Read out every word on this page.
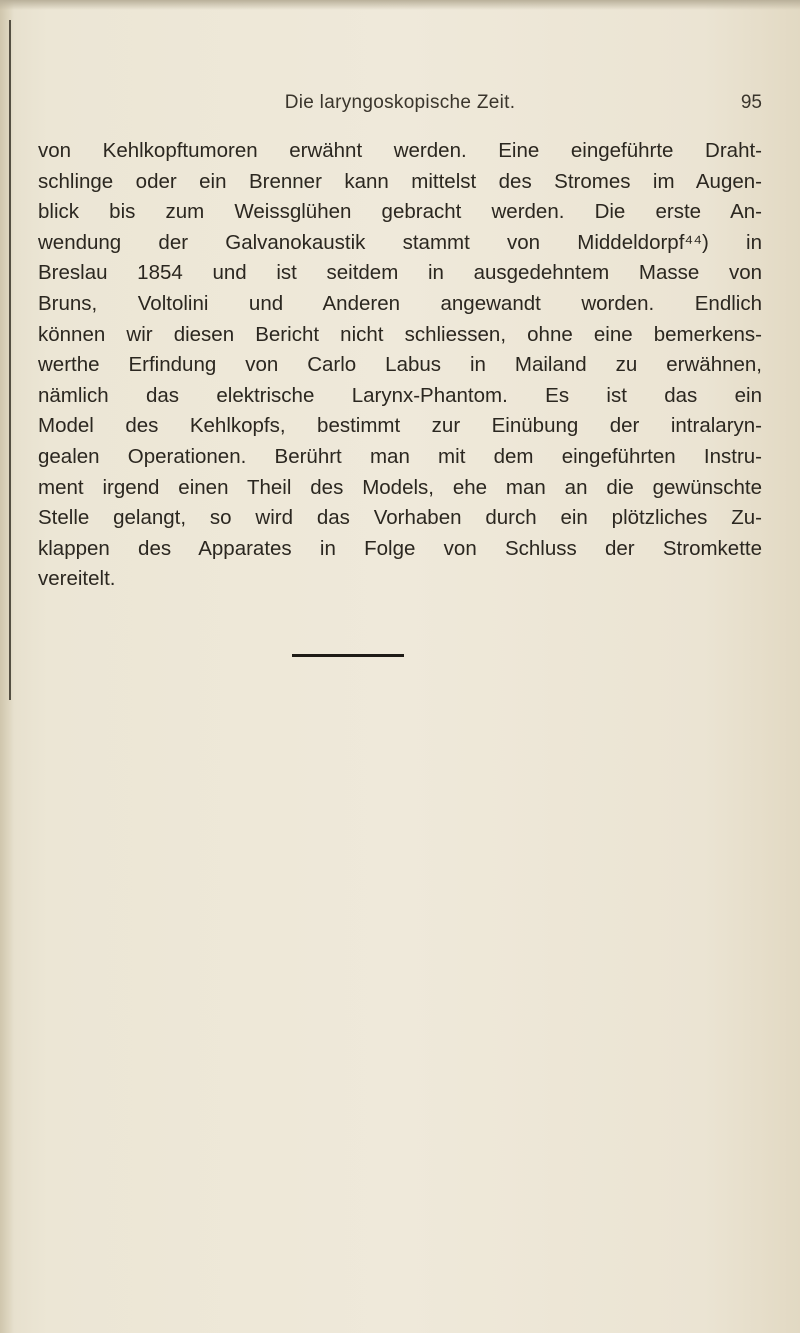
Die laryngoskopische Zeit.	95
von Kehlkopftumoren erwähnt werden. Eine eingeführte Draht-
schlinge oder ein Brenner kann mittelst des Stromes im Augen-
blick bis zum Weissglühen gebracht werden. Die erste An-
wendung der Galvanokaustik stammt von Middeldorpf⁴⁴) in
Breslau 1854 und ist seitdem in ausgedehntem Masse von
Bruns, Voltolini und Anderen angewandt worden. Endlich
können wir diesen Bericht nicht schliessen, ohne eine bemerkens-
werthe Erfindung von Carlo Labus in Mailand zu erwähnen,
nämlich das elektrische Larynx-Phantom. Es ist das ein
Model des Kehlkopfs, bestimmt zur Einübung der intralaryn-
gealen Operationen. Berührt man mit dem eingeführten Instru-
ment irgend einen Theil des Models, ehe man an die gewünschte
Stelle gelangt, so wird das Vorhaben durch ein plötzliches Zu-
klappen des Apparates in Folge von Schluss der Stromkette
vereitelt.
